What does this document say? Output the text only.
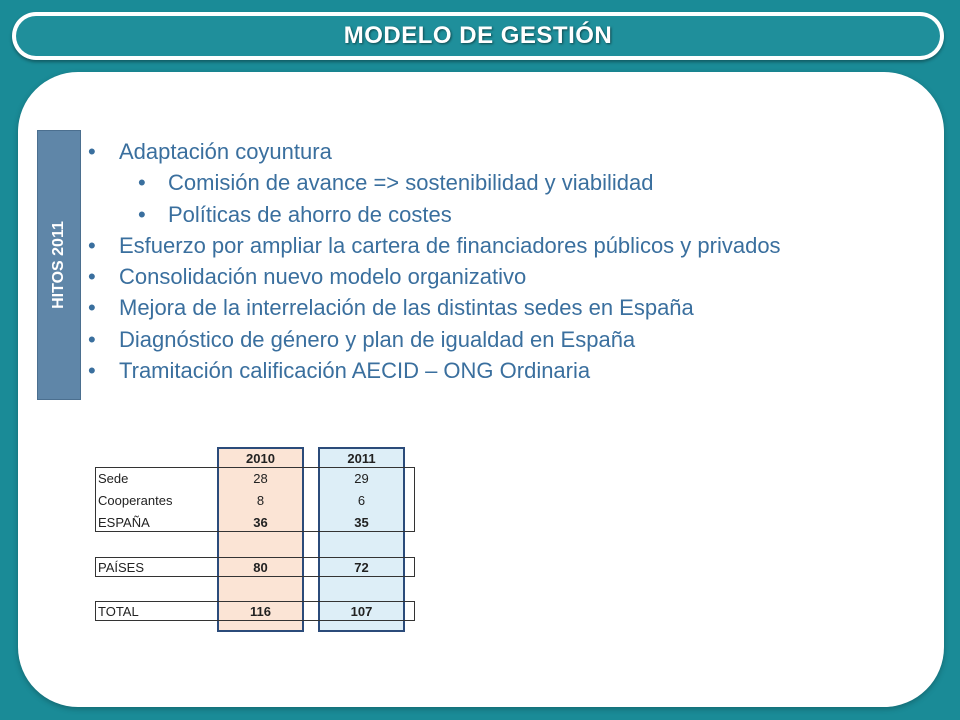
MODELO DE GESTIÓN
HITOS 2011
• Adaptación coyuntura
• Comisión de avance => sostenibilidad y viabilidad
• Políticas de ahorro de costes
• Esfuerzo por ampliar la cartera de financiadores públicos y privados
• Consolidación nuevo modelo organizativo
• Mejora de la interrelación de las distintas sedes en España
• Diagnóstico de género y plan de igualdad en España
• Tramitación calificación AECID – ONG Ordinaria
2010	2011
Sede	28	29
Cooperantes	8	6
ESPAÑA	36	35
PAÍSES	80	72
TOTAL	116	107
